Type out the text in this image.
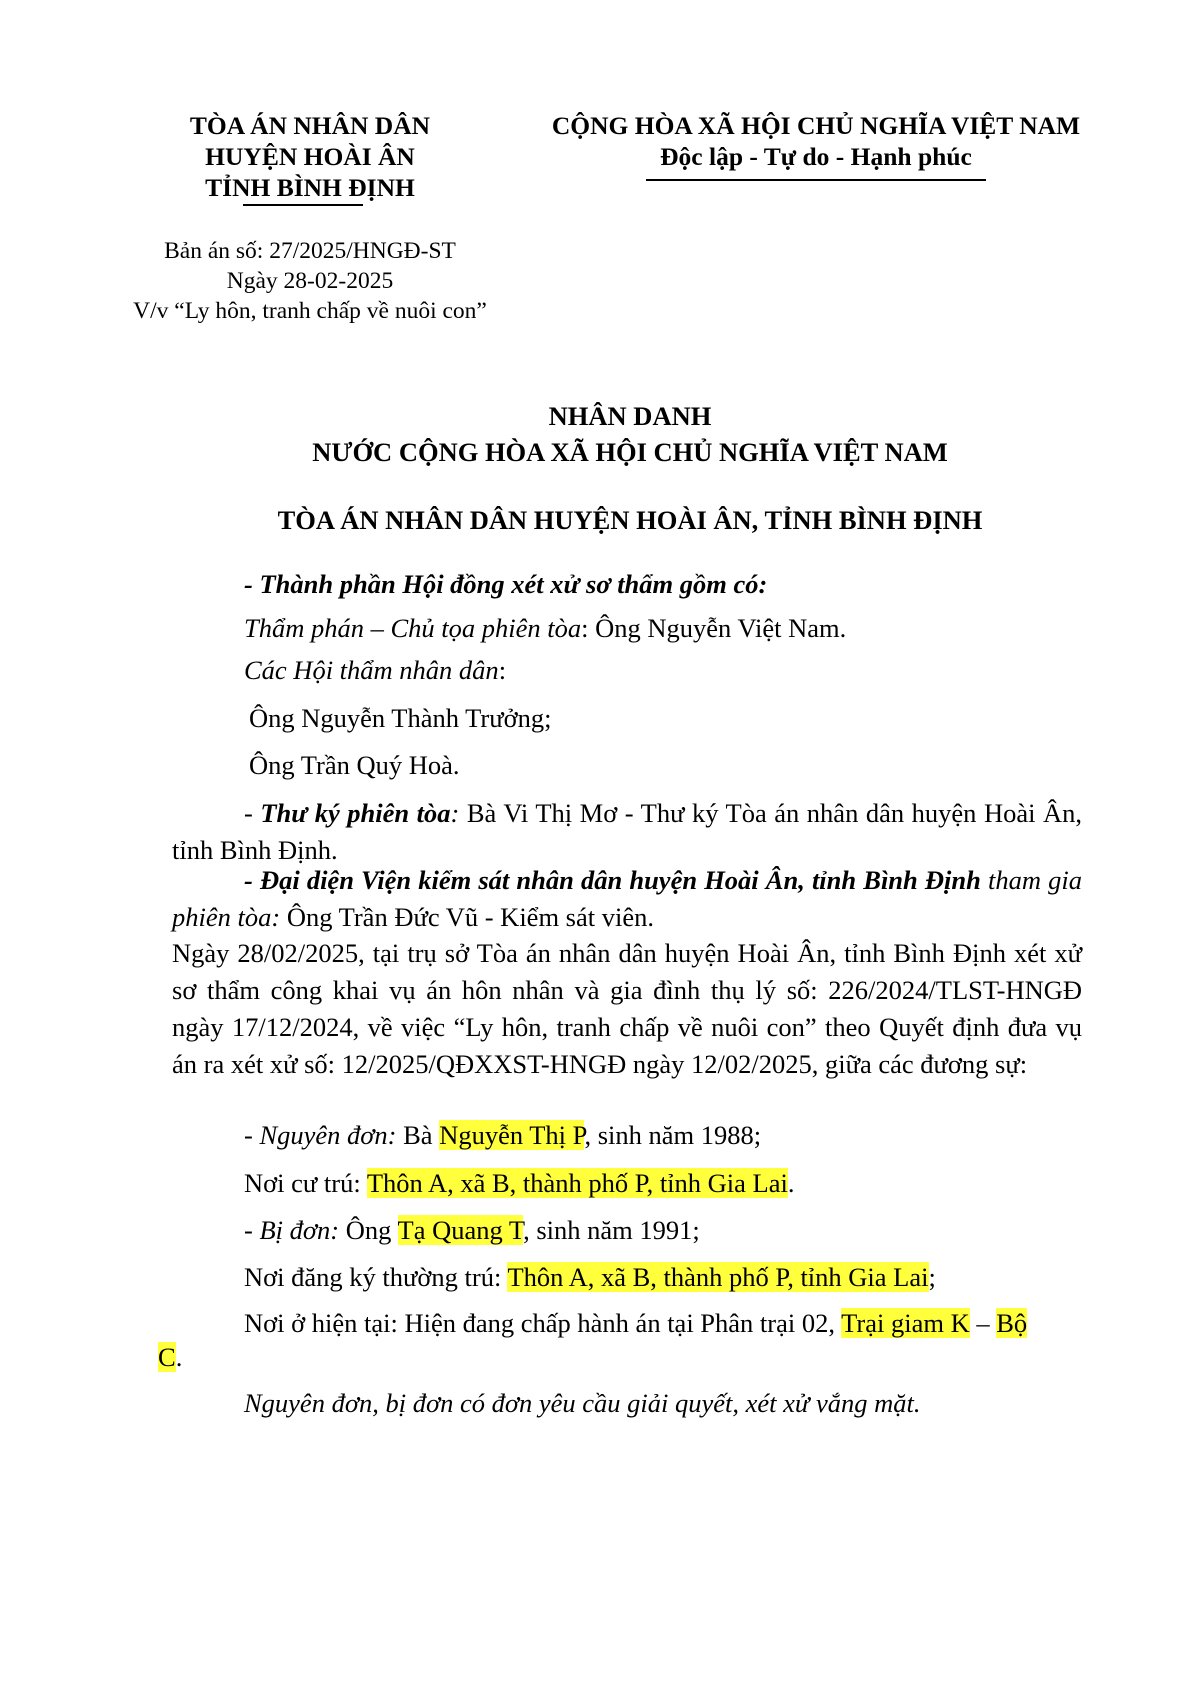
TÒA ÁN NHÂN DÂN
HUYỆN HOÀI ÂN
TỈNH BÌNH ĐỊNH
CỘNG HÒA XÃ HỘI CHỦ NGHĨA VIỆT NAM
Độc lập - Tự do - Hạnh phúc
Bản án số: 27/2025/HNGĐ-ST
Ngày 28-02-2025
V/v “Ly hôn, tranh chấp về nuôi con”
NHÂN DANH
NƯỚC CỘNG HÒA XÃ HỘI CHỦ NGHĨA VIỆT NAM
TÒA ÁN NHÂN DÂN HUYỆN HOÀI ÂN, TỈNH BÌNH ĐỊNH
- Thành phần Hội đồng xét xử sơ thẩm gồm có:
Thẩm phán – Chủ tọa phiên tòa: Ông Nguyễn Việt Nam.
Các Hội thẩm nhân dân:
Ông Nguyễn Thành Trưởng;
Ông Trần Quý Hoà.
- Thư ký phiên tòa: Bà Vi Thị Mơ - Thư ký Tòa án nhân dân huyện Hoài Ân, tỉnh Bình Định.
- Đại diện Viện kiểm sát nhân dân huyện Hoài Ân, tỉnh Bình Định tham gia phiên tòa: Ông Trần Đức Vũ - Kiểm sát viên.
Ngày 28/02/2025, tại trụ sở Tòa án nhân dân huyện Hoài Ân, tỉnh Bình Định xét xử sơ thẩm công khai vụ án hôn nhân và gia đình thụ lý số: 226/2024/TLST-HNGĐ ngày 17/12/2024, về việc “Ly hôn, tranh chấp về nuôi con” theo Quyết định đưa vụ án ra xét xử số: 12/2025/QĐXXST-HNGĐ ngày 12/02/2025, giữa các đương sự:
- Nguyên đơn: Bà Nguyễn Thị P, sinh năm 1988;
Nơi cư trú: Thôn A, xã B, thành phố P, tỉnh Gia Lai.
- Bị đơn: Ông Tạ Quang T, sinh năm 1991;
Nơi đăng ký thường trú: Thôn A, xã B, thành phố P, tỉnh Gia Lai;
Nơi ở hiện tại: Hiện đang chấp hành án tại Phân trại 02, Trại giam K – Bộ
C.
Nguyên đơn, bị đơn có đơn yêu cầu giải quyết, xét xử vắng mặt.
